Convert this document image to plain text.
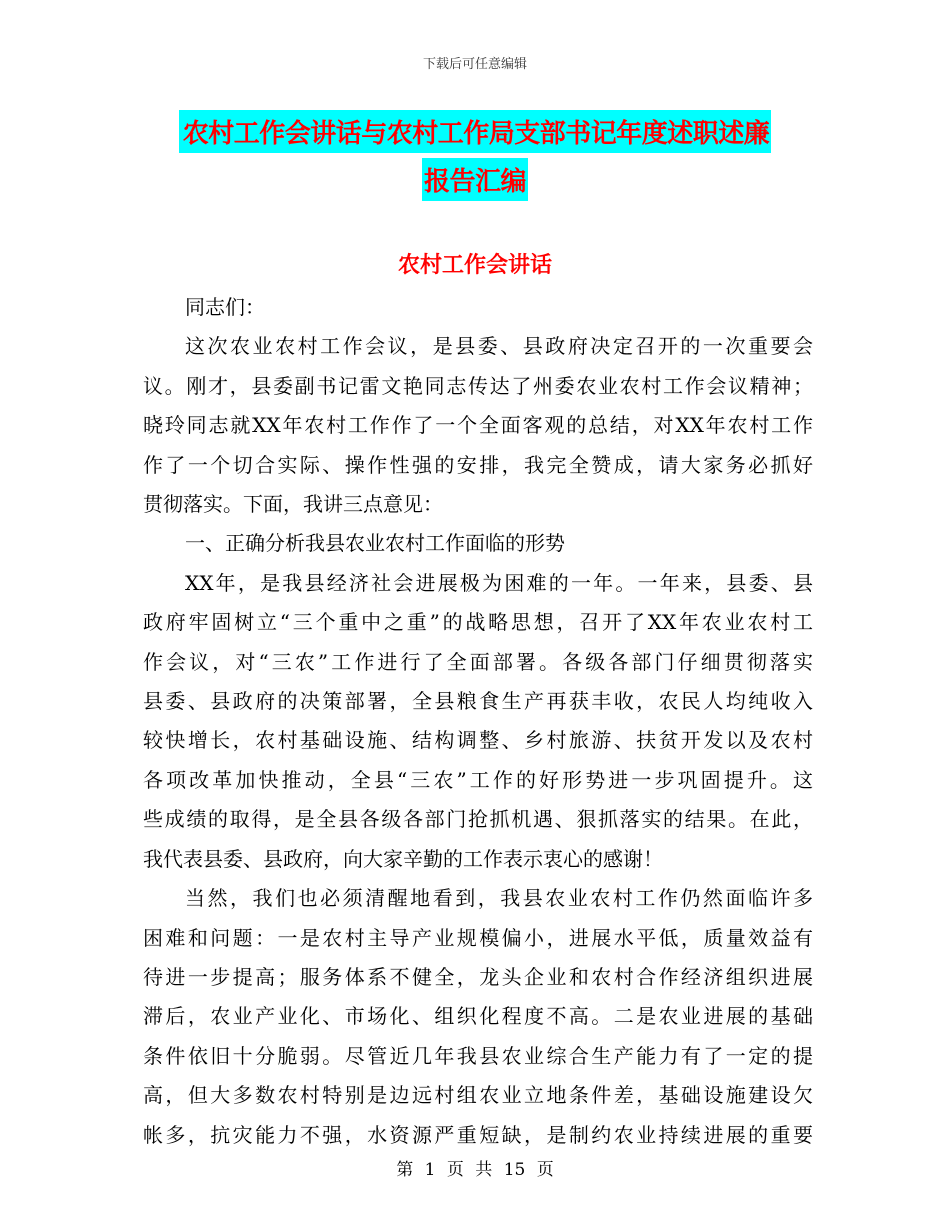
下载后可任意编辑
农村工作会讲话与农村工作局支部书记年度述职述廉
报告汇编
农村工作会讲话
同志们：
这次农业农村工作会议，是县委、县政府决定召开的一次重要会
议。刚才，县委副书记雷文艳同志传达了州委农业农村工作会议精神；
晓玲同志就XX年农村工作作了一个全面客观的总结，对XX年农村工作
作了一个切合实际、操作性强的安排，我完全赞成，请大家务必抓好
贯彻落实。下面，我讲三点意见：
一、正确分析我县农业农村工作面临的形势
XX年，是我县经济社会进展极为困难的一年。一年来，县委、县
政府牢固树立“三个重中之重”的战略思想，召开了XX年农业农村工
作会议，对“三农”工作进行了全面部署。各级各部门仔细贯彻落实
县委、县政府的决策部署，全县粮食生产再获丰收，农民人均纯收入
较快增长，农村基础设施、结构调整、乡村旅游、扶贫开发以及农村
各项改革加快推动，全县“三农”工作的好形势进一步巩固提升。这
些成绩的取得，是全县各级各部门抢抓机遇、狠抓落实的结果。在此，
我代表县委、县政府，向大家辛勤的工作表示衷心的感谢！
当然，我们也必须清醒地看到，我县农业农村工作仍然面临许多
困难和问题：一是农村主导产业规模偏小，进展水平低，质量效益有
待进一步提高；服务体系不健全，龙头企业和农村合作经济组织进展
滞后，农业产业化、市场化、组织化程度不高。二是农业进展的基础
条件依旧十分脆弱。尽管近几年我县农业综合生产能力有了一定的提
高，但大多数农村特别是边远村组农业立地条件差，基础设施建设欠
帐多，抗灾能力不强，水资源严重短缺，是制约农业持续进展的重要
第 1 页 共 15 页
